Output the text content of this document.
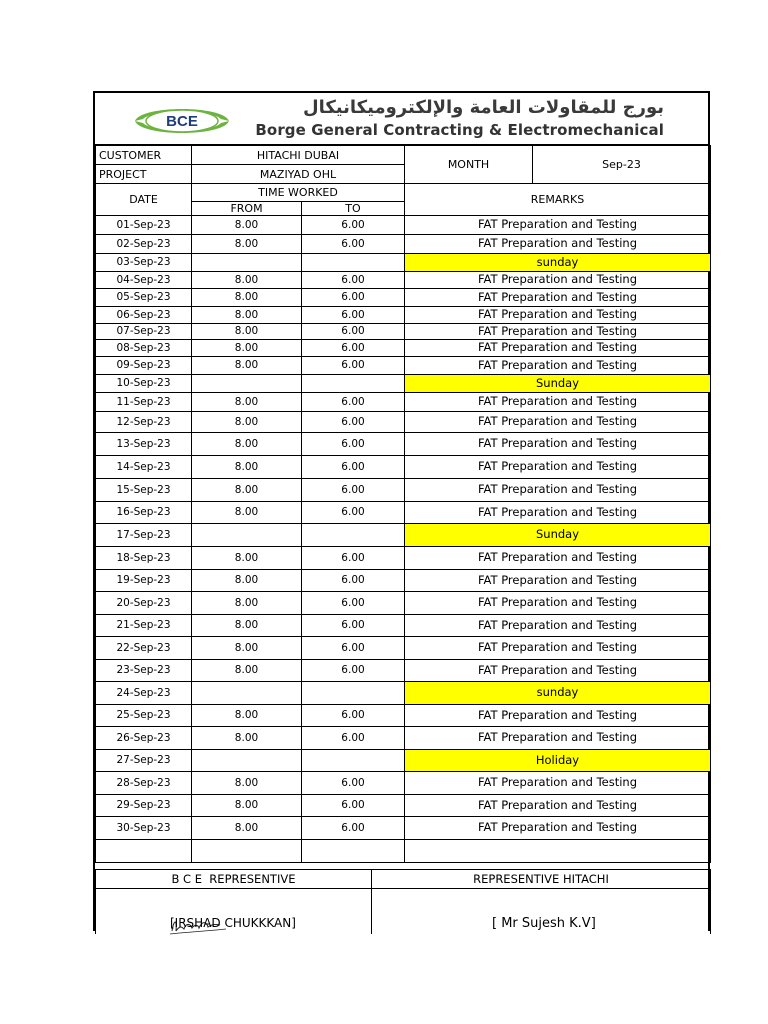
BCE
بورج للمقاولات العامة والإلكتروميكانيكال
Borge General Contracting & Electromechanical
CUSTOMER	HITACHI DUBAI		MONTH	Sep-23
PROJECT	MAZIYAD OHL			
DATE	TIME WORKED		REMARKS	
	FROM	TO		
01-Sep-23	8.00	6.00	FAT Preparation and Testing	
02-Sep-23	8.00	6.00	FAT Preparation and Testing	
03-Sep-23			sunday	
04-Sep-23	8.00	6.00	FAT Preparation and Testing	
05-Sep-23	8.00	6.00	FAT Preparation and Testing	
06-Sep-23	8.00	6.00	FAT Preparation and Testing	
07-Sep-23	8.00	6.00	FAT Preparation and Testing	
08-Sep-23	8.00	6.00	FAT Preparation and Testing	
09-Sep-23	8.00	6.00	FAT Preparation and Testing	
10-Sep-23			Sunday	
11-Sep-23	8.00	6.00	FAT Preparation and Testing	
12-Sep-23	8.00	6.00	FAT Preparation and Testing	
13-Sep-23	8.00	6.00	FAT Preparation and Testing	
14-Sep-23	8.00	6.00	FAT Preparation and Testing	
15-Sep-23	8.00	6.00	FAT Preparation and Testing	
16-Sep-23	8.00	6.00	FAT Preparation and Testing	
17-Sep-23			Sunday	
18-Sep-23	8.00	6.00	FAT Preparation and Testing	
19-Sep-23	8.00	6.00	FAT Preparation and Testing	
20-Sep-23	8.00	6.00	FAT Preparation and Testing	
21-Sep-23	8.00	6.00	FAT Preparation and Testing	
22-Sep-23	8.00	6.00	FAT Preparation and Testing	
23-Sep-23	8.00	6.00	FAT Preparation and Testing	
24-Sep-23			sunday	
25-Sep-23	8.00	6.00	FAT Preparation and Testing	
26-Sep-23	8.00	6.00	FAT Preparation and Testing	
27-Sep-23			Holiday	
28-Sep-23	8.00	6.00	FAT Preparation and Testing	
29-Sep-23	8.00	6.00	FAT Preparation and Testing	
30-Sep-23	8.00	6.00	FAT Preparation and Testing	

B C E  REPRESENTIVE	REPRESENTIVE HITACHI

[IRSHAD CHUKKKAN]	[ Mr Sujesh K.V]
